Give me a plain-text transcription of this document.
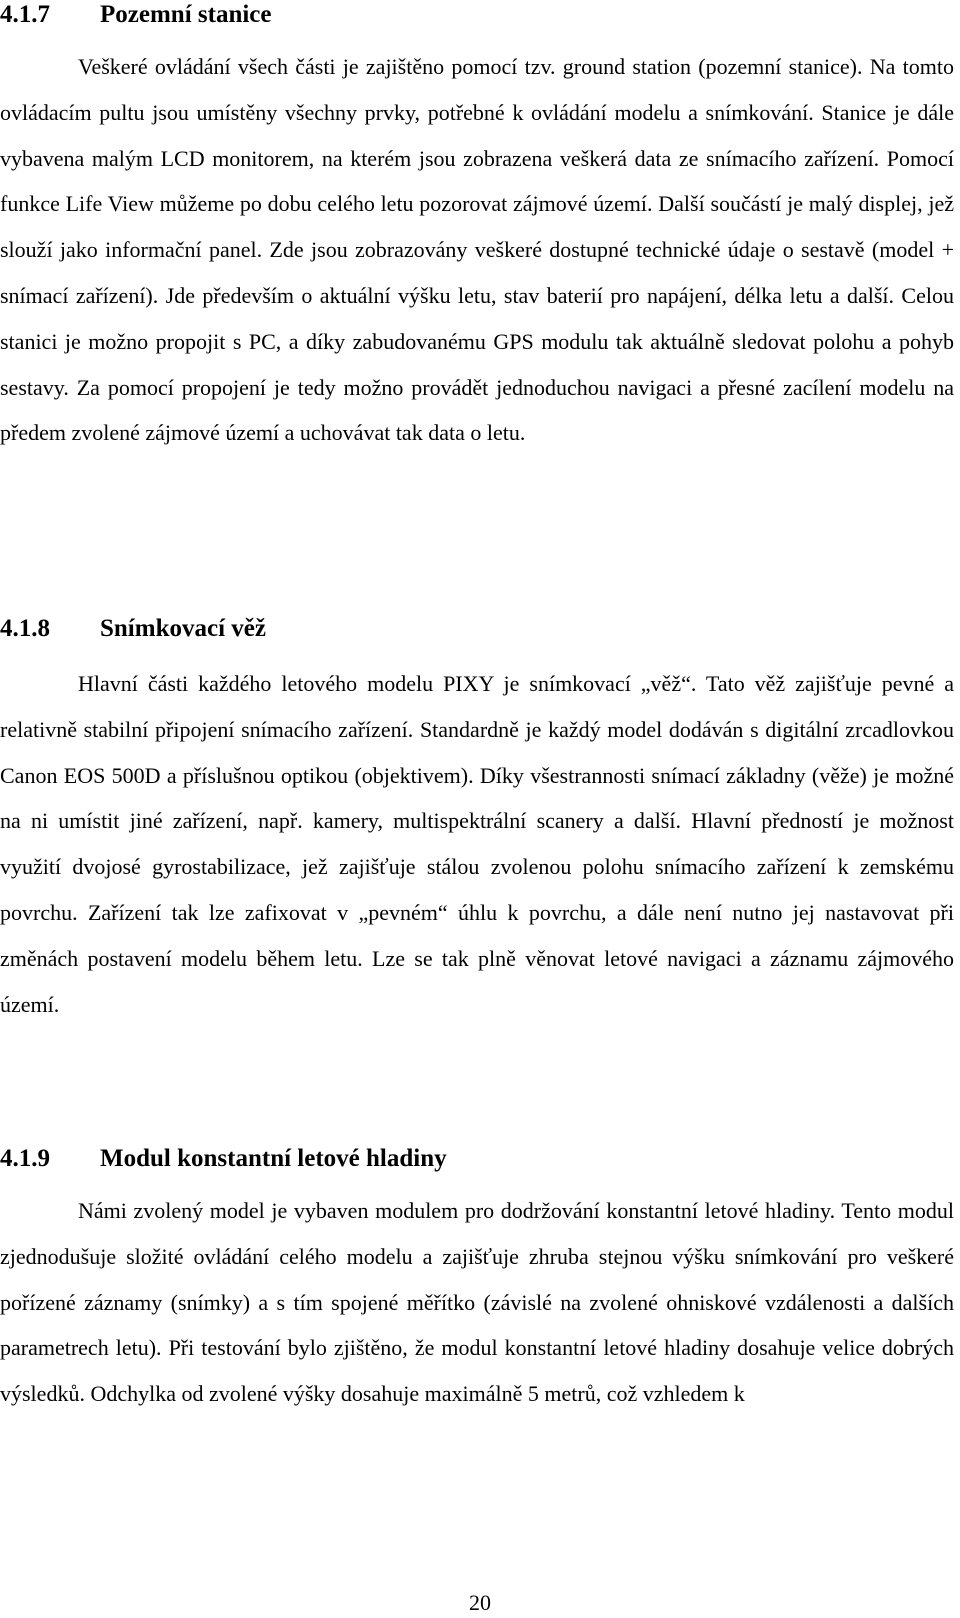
4.1.7 Pozemní stanice

Veškeré ovládání všech části je zajištěno pomocí tzv. ground station (pozemní stanice). Na tomto ovládacím pultu jsou umístěny všechny prvky, potřebné k ovládání modelu a snímkování. Stanice je dále vybavena malým LCD monitorem, na kterém jsou zobrazena veškerá data ze snímacího zařízení. Pomocí funkce Life View můžeme po dobu celého letu pozorovat zájmové území. Další součástí je malý displej, jež slouží jako informační panel. Zde jsou zobrazovány veškeré dostupné technické údaje o sestavě (model + snímací zařízení). Jde především o aktuální výšku letu, stav baterií pro napájení, délka letu a další. Celou stanici je možno propojit s PC, a díky zabudovanému GPS modulu tak aktuálně sledovat polohu a pohyb sestavy. Za pomocí propojení je tedy možno provádět jednoduchou navigaci a přesné zacílení modelu na předem zvolené zájmové území a uchovávat tak data o letu.

4.1.8 Snímkovací věž

Hlavní části každého letového modelu PIXY je snímkovací „věž“. Tato věž zajišťuje pevné a relativně stabilní připojení snímacího zařízení. Standardně je každý model dodáván s digitální zrcadlovkou Canon EOS 500D a příslušnou optikou (objektivem). Díky všestrannosti snímací základny (věže) je možné na ni umístit jiné zařízení, např. kamery, multispektrální scanery a další. Hlavní předností je možnost využití dvojosé gyrostabilizace, jež zajišťuje stálou zvolenou polohu snímacího zařízení k zemskému povrchu. Zařízení tak lze zafixovat v „pevném“ úhlu k povrchu, a dále není nutno jej nastavovat při změnách postavení modelu během letu. Lze se tak plně věnovat letové navigaci a záznamu zájmového území.

4.1.9 Modul konstantní letové hladiny

Námi zvolený model je vybaven modulem pro dodržování konstantní letové hladiny. Tento modul zjednodušuje složité ovládání celého modelu a zajišťuje zhruba stejnou výšku snímkování pro veškeré pořízené záznamy (snímky) a s tím spojené měřítko (závislé na zvolené ohniskové vzdálenosti a dalších parametrech letu). Při testování bylo zjištěno, že modul konstantní letové hladiny dosahuje velice dobrých výsledků. Odchylka od zvolené výšky dosahuje maximálně 5 metrů, což vzhledem k

20
